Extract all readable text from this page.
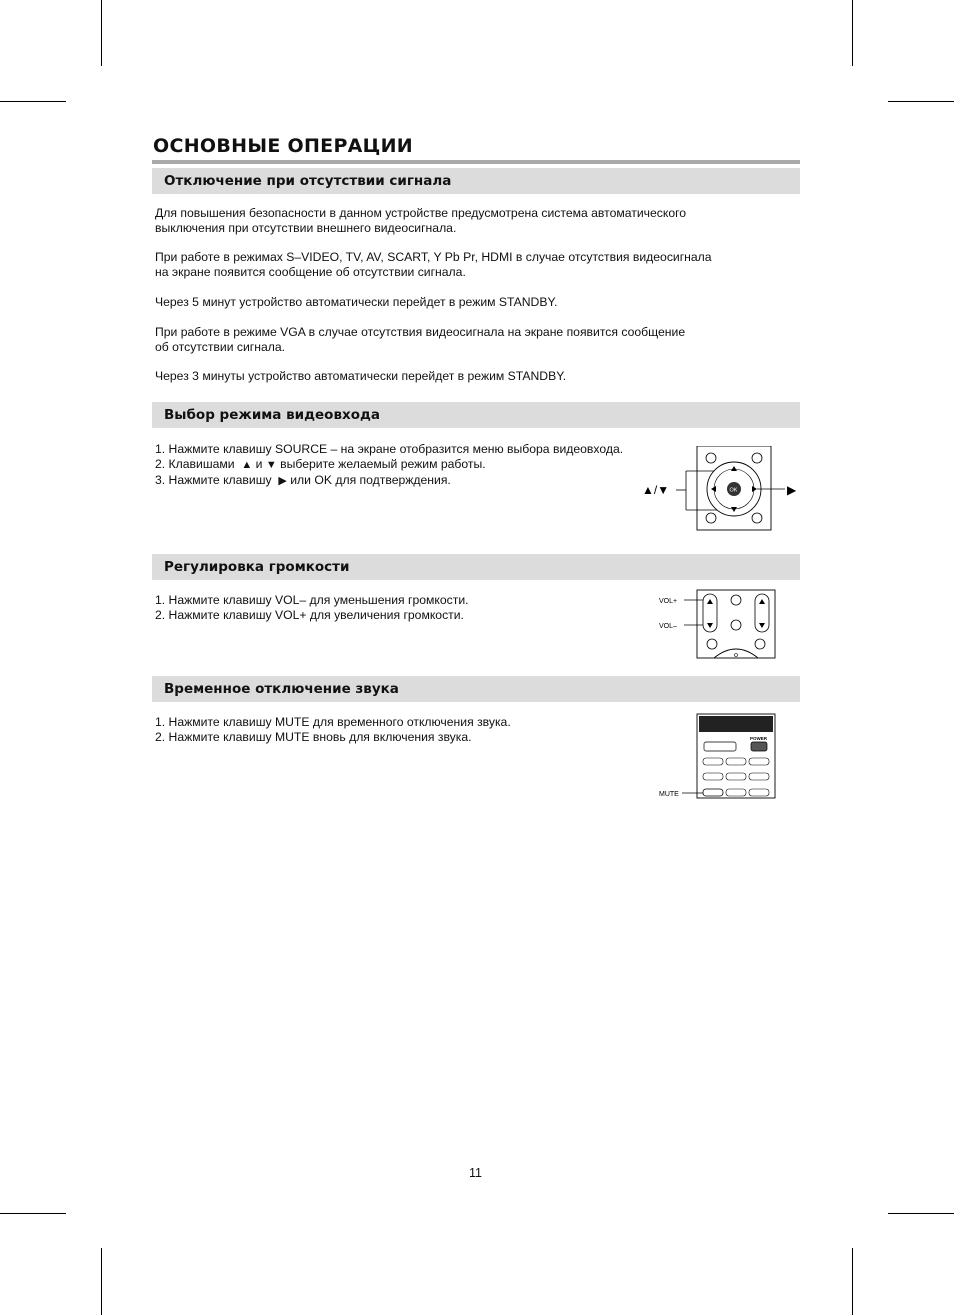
ОСНОВНЫЕ ОПЕРАЦИИ
Отключение при отсутствии сигнала

Для повышения безопасности в данном устройстве предусмотрена система автоматического
выключения при отсутствии внешнего видеосигнала.

При работе в режимах S–VIDEO, TV, AV, SCART, Y Pb Pr, HDMI в случае отсутствия видеосигнала
на экране появится сообщение об отсутствии сигнала.

Через 5 минут устройство автоматически перейдет в режим STANDBY.

При работе в режиме VGA в случае отсутствия видеосигнала на экране появится сообщение
об отсутствии сигнала.

Через 3 минуты устройство автоматически перейдет в режим STANDBY.

Выбор режима видеовхода

1. Нажмите клавишу SOURCE – на экране отобразится меню выбора видеовхода.

2. Клавишами ▲ и ▼ выберите желаемый режим работы.

3. Нажмите клавишу ▶ или OK для подтверждения.

▲/▼	OK	▶
Регулировка громкости

1. Нажмите клавишу VOL– для уменьшения громкости.

2. Нажмите клавишу VOL+ для увеличения громкости.

VOL+
VOL–
Временное отключение звука

1. Нажмите клавишу MUTE для временного отключения звука.

2. Нажмите клавишу MUTE вновь для включения звука.	POWER
MUTE
11
